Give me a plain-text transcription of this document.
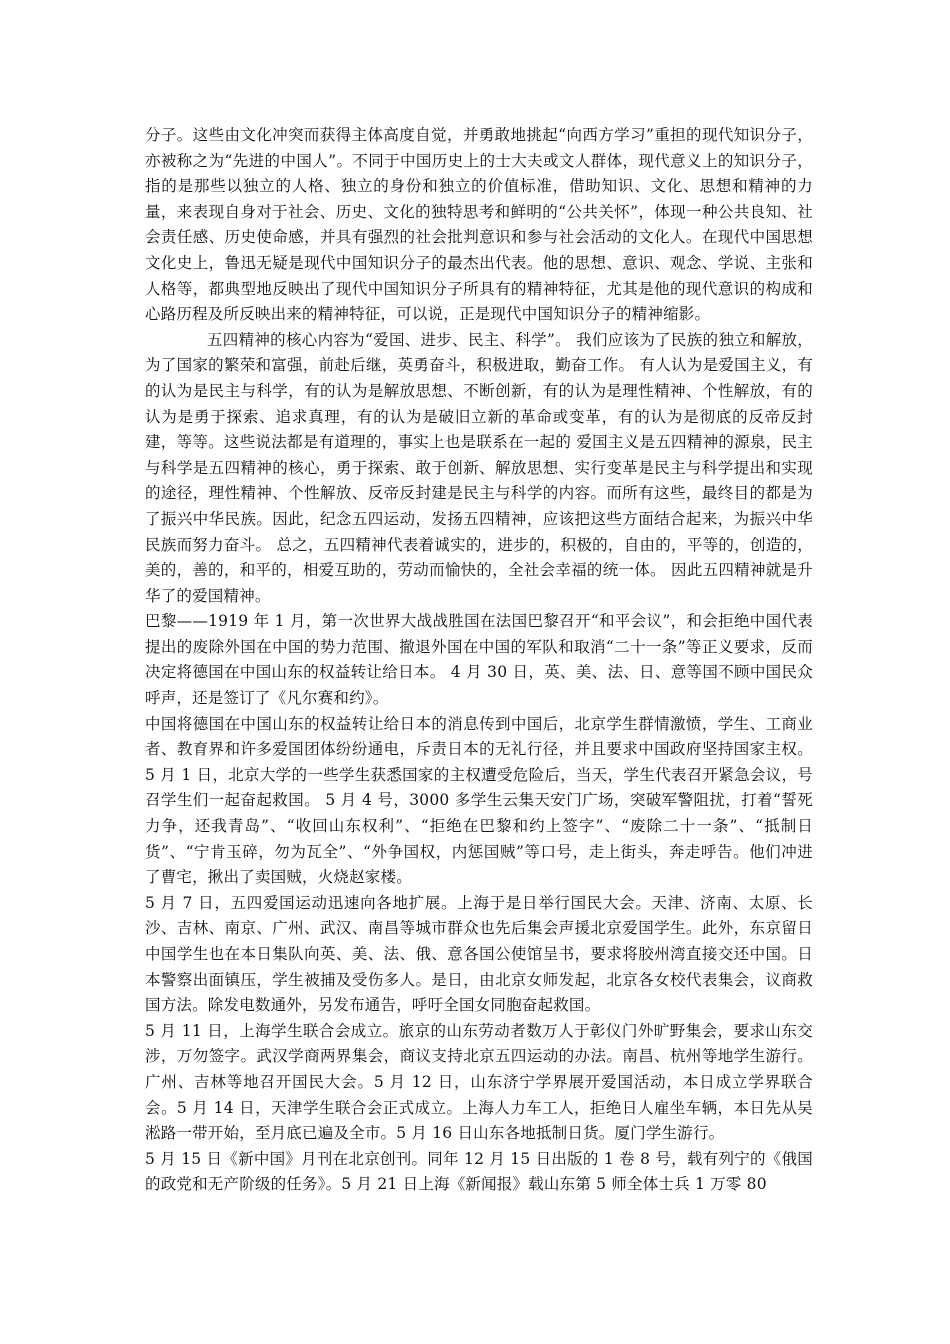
分子。这些由文化冲突而获得主体高度自觉，并勇敢地挑起“向西方学习”重担的现代知识分子，亦被称之为“先进的中国人”。不同于中国历史上的士大夫或文人群体，现代意义上的知识分子，指的是那些以独立的人格、独立的身份和独立的价值标准，借助知识、文化、思想和精神的力量，来表现自身对于社会、历史、文化的独特思考和鲜明的“公共关怀”，体现一种公共良知、社会责任感、历史使命感，并具有强烈的社会批判意识和参与社会活动的文化人。在现代中国思想文化史上，鲁迅无疑是现代中国知识分子的最杰出代表。他的思想、意识、观念、学说、主张和人格等，都典型地反映出了现代中国知识分子所具有的精神特征，尤其是他的现代意识的构成和心路历程及所反映出来的精神特征，可以说，正是现代中国知识分子的精神缩影。

五四精神的核心内容为“爱国、进步、民主、科学”。 我们应该为了民族的独立和解放，为了国家的繁荣和富强，前赴后继，英勇奋斗，积极进取，勤奋工作。 有人认为是爱国主义，有的认为是民主与科学，有的认为是解放思想、不断创新，有的认为是理性精神、个性解放，有的认为是勇于探索、追求真理，有的认为是破旧立新的革命或变革，有的认为是彻底的反帝反封建，等等。这些说法都是有道理的，事实上也是联系在一起的 爱国主义是五四精神的源泉，民主与科学是五四精神的核心，勇于探索、敢于创新、解放思想、实行变革是民主与科学提出和实现的途径，理性精神、个性解放、反帝反封建是民主与科学的内容。而所有这些，最终目的都是为了振兴中华民族。因此，纪念五四运动，发扬五四精神，应该把这些方面结合起来，为振兴中华民族而努力奋斗。 总之，五四精神代表着诚实的，进步的，积极的，自由的，平等的，创造的，美的，善的，和平的，相爱互助的，劳动而愉快的，全社会幸福的统一体。 因此五四精神就是升华了的爱国精神。

巴黎——1919 年 1 月，第一次世界大战战胜国在法国巴黎召开“和平会议”，和会拒绝中国代表提出的废除外国在中国的势力范围、撤退外国在中国的军队和取消“二十一条”等正义要求，反而决定将德国在中国山东的权益转让给日本。 4 月 30 日，英、美、法、日、意等国不顾中国民众呼声，还是签订了《凡尔赛和约》。

中国将德国在中国山东的权益转让给日本的消息传到中国后，北京学生群情激愤，学生、工商业者、教育界和许多爱国团体纷纷通电，斥责日本的无礼行径，并且要求中国政府坚持国家主权。5 月 1 日，北京大学的一些学生获悉国家的主权遭受危险后，当天，学生代表召开紧急会议，号召学生们一起奋起救国。 5 月 4 号，3000 多学生云集天安门广场，突破军警阻扰，打着“誓死力争，还我青岛”、“收回山东权利”、“拒绝在巴黎和约上签字”、“废除二十一条”、“抵制日货”、“宁肯玉碎，勿为瓦全”、“外争国权，内惩国贼”等口号，走上街头，奔走呼告。他们冲进了曹宅，揪出了卖国贼，火烧赵家楼。

5 月 7 日，五四爱国运动迅速向各地扩展。上海于是日举行国民大会。天津、济南、太原、长沙、吉林、南京、广州、武汉、南昌等城市群众也先后集会声援北京爱国学生。此外，东京留日中国学生也在本日集队向英、美、法、俄、意各国公使馆呈书，要求将胶州湾直接交还中国。日本警察出面镇压，学生被捕及受伤多人。是日，由北京女师发起，北京各女校代表集会，议商救国方法。除发电数通外，另发布通告，呼吁全国女同胞奋起救国。

5 月 11 日，上海学生联合会成立。旅京的山东劳动者数万人于彰仪门外旷野集会，要求山东交涉，万勿签字。武汉学商两界集会，商议支持北京五四运动的办法。南昌、杭州等地学生游行。广州、吉林等地召开国民大会。5 月 12 日，山东济宁学界展开爱国活动，本日成立学界联合会。5 月 14 日，天津学生联合会正式成立。上海人力车工人，拒绝日人雇坐车辆，本日先从吴淞路一带开始，至月底已遍及全市。5 月 16 日山东各地抵制日货。厦门学生游行。

5 月 15 日《新中国》月刊在北京创刊。同年 12 月 15 日出版的 1 卷 8 号，载有列宁的《俄国的政党和无产阶级的任务》。5 月 21 日上海《新闻报》载山东第 5 师全体士兵 1 万零 80
